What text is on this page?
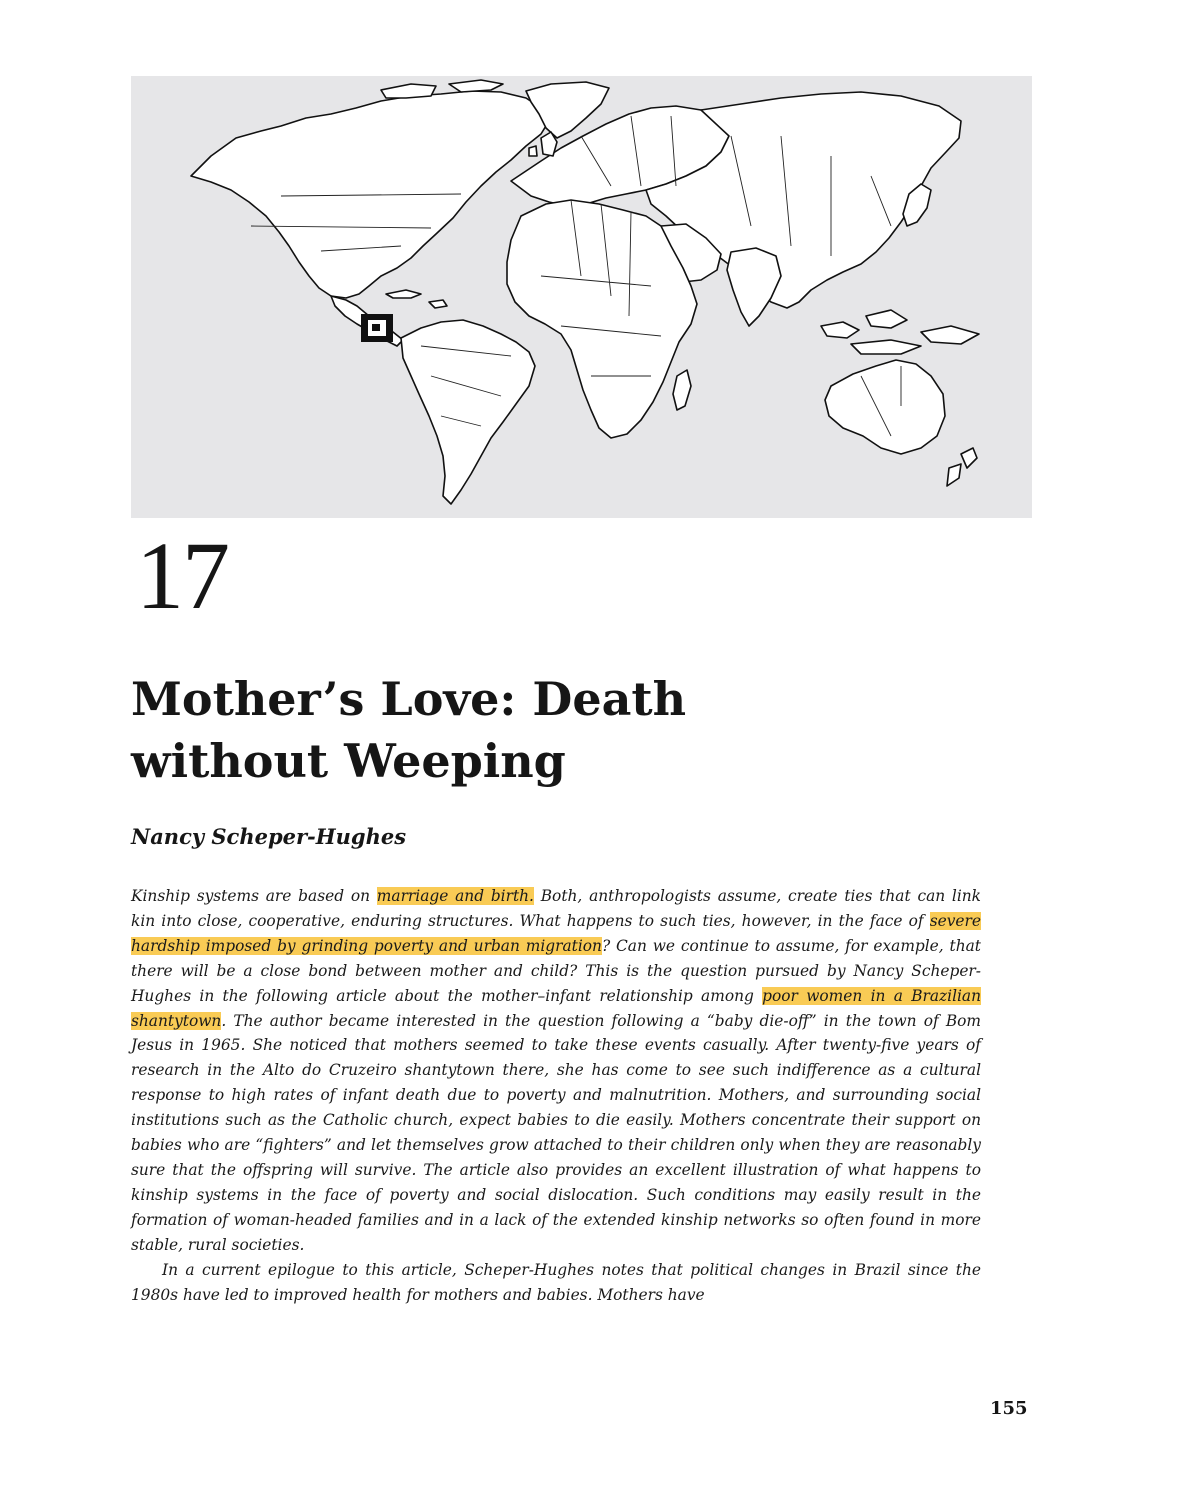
17
Mother’s Love: Death
without Weeping
Nancy Scheper-Hughes

Kinship systems are based on marriage and birth. Both, anthropologists assume, create ties that can link kin into close, cooperative, enduring structures. What happens to such ties, however, in the face of severe hardship imposed by grinding poverty and urban migration? Can we continue to assume, for example, that there will be a close bond between mother and child? This is the question pursued by Nancy Scheper-Hughes in the following article about the mother–infant relationship among poor women in a Brazilian shantytown. The author became interested in the question following a “baby die-off” in the town of Bom Jesus in 1965. She noticed that mothers seemed to take these events casually. After twenty-five years of research in the Alto do Cruzeiro shantytown there, she has come to see such indifference as a cultural response to high rates of infant death due to poverty and malnutrition. Mothers, and surrounding social institutions such as the Catholic church, expect babies to die easily. Mothers concentrate their support on babies who are “fighters” and let themselves grow attached to their children only when they are reasonably sure that the offspring will survive. The article also provides an excellent illustration of what happens to kinship systems in the face of poverty and social dislocation. Such conditions may easily result in the formation of woman-headed families and in a lack of the extended kinship networks so often found in more stable, rural societies.

In a current epilogue to this article, Scheper-Hughes notes that political changes in Brazil since the 1980s have led to improved health for mothers and babies. Mothers have

155
